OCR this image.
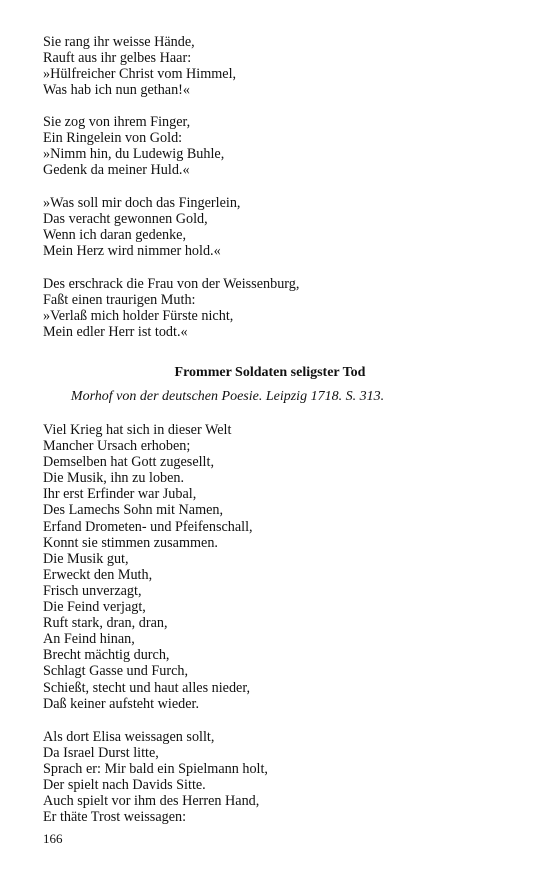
Sie rang ihr weisse Hände,
Rauft aus ihr gelbes Haar:
»Hülfreicher Christ vom Himmel,
Was hab ich nun gethan!«
Sie zog von ihrem Finger,
Ein Ringelein von Gold:
»Nimm hin, du Ludewig Buhle,
Gedenk da meiner Huld.«
»Was soll mir doch das Fingerlein,
Das veracht gewonnen Gold,
Wenn ich daran gedenke,
Mein Herz wird nimmer hold.«
Des erschrack die Frau von der Weissenburg,
Faßt einen traurigen Muth:
»Verlaß mich holder Fürste nicht,
Mein edler Herr ist todt.«
Frommer Soldaten seligster Tod
Morhof von der deutschen Poesie. Leipzig 1718. S. 313.
Viel Krieg hat sich in dieser Welt
Mancher Ursach erhoben;
Demselben hat Gott zugesellt,
Die Musik, ihn zu loben.
Ihr erst Erfinder war Jubal,
Des Lamechs Sohn mit Namen,
Erfand Drometen- und Pfeifenschall,
Konnt sie stimmen zusammen.
Die Musik gut,
Erweckt den Muth,
Frisch unverzagt,
Die Feind verjagt,
Ruft stark, dran, dran,
An Feind hinan,
Brecht mächtig durch,
Schlagt Gasse und Furch,
Schießt, stecht und haut alles nieder,
Daß keiner aufsteht wieder.
Als dort Elisa weissagen sollt,
Da Israel Durst litte,
Sprach er: Mir bald ein Spielmann holt,
Der spielt nach Davids Sitte.
Auch spielt vor ihm des Herren Hand,
Er thäte Trost weissagen:
166
